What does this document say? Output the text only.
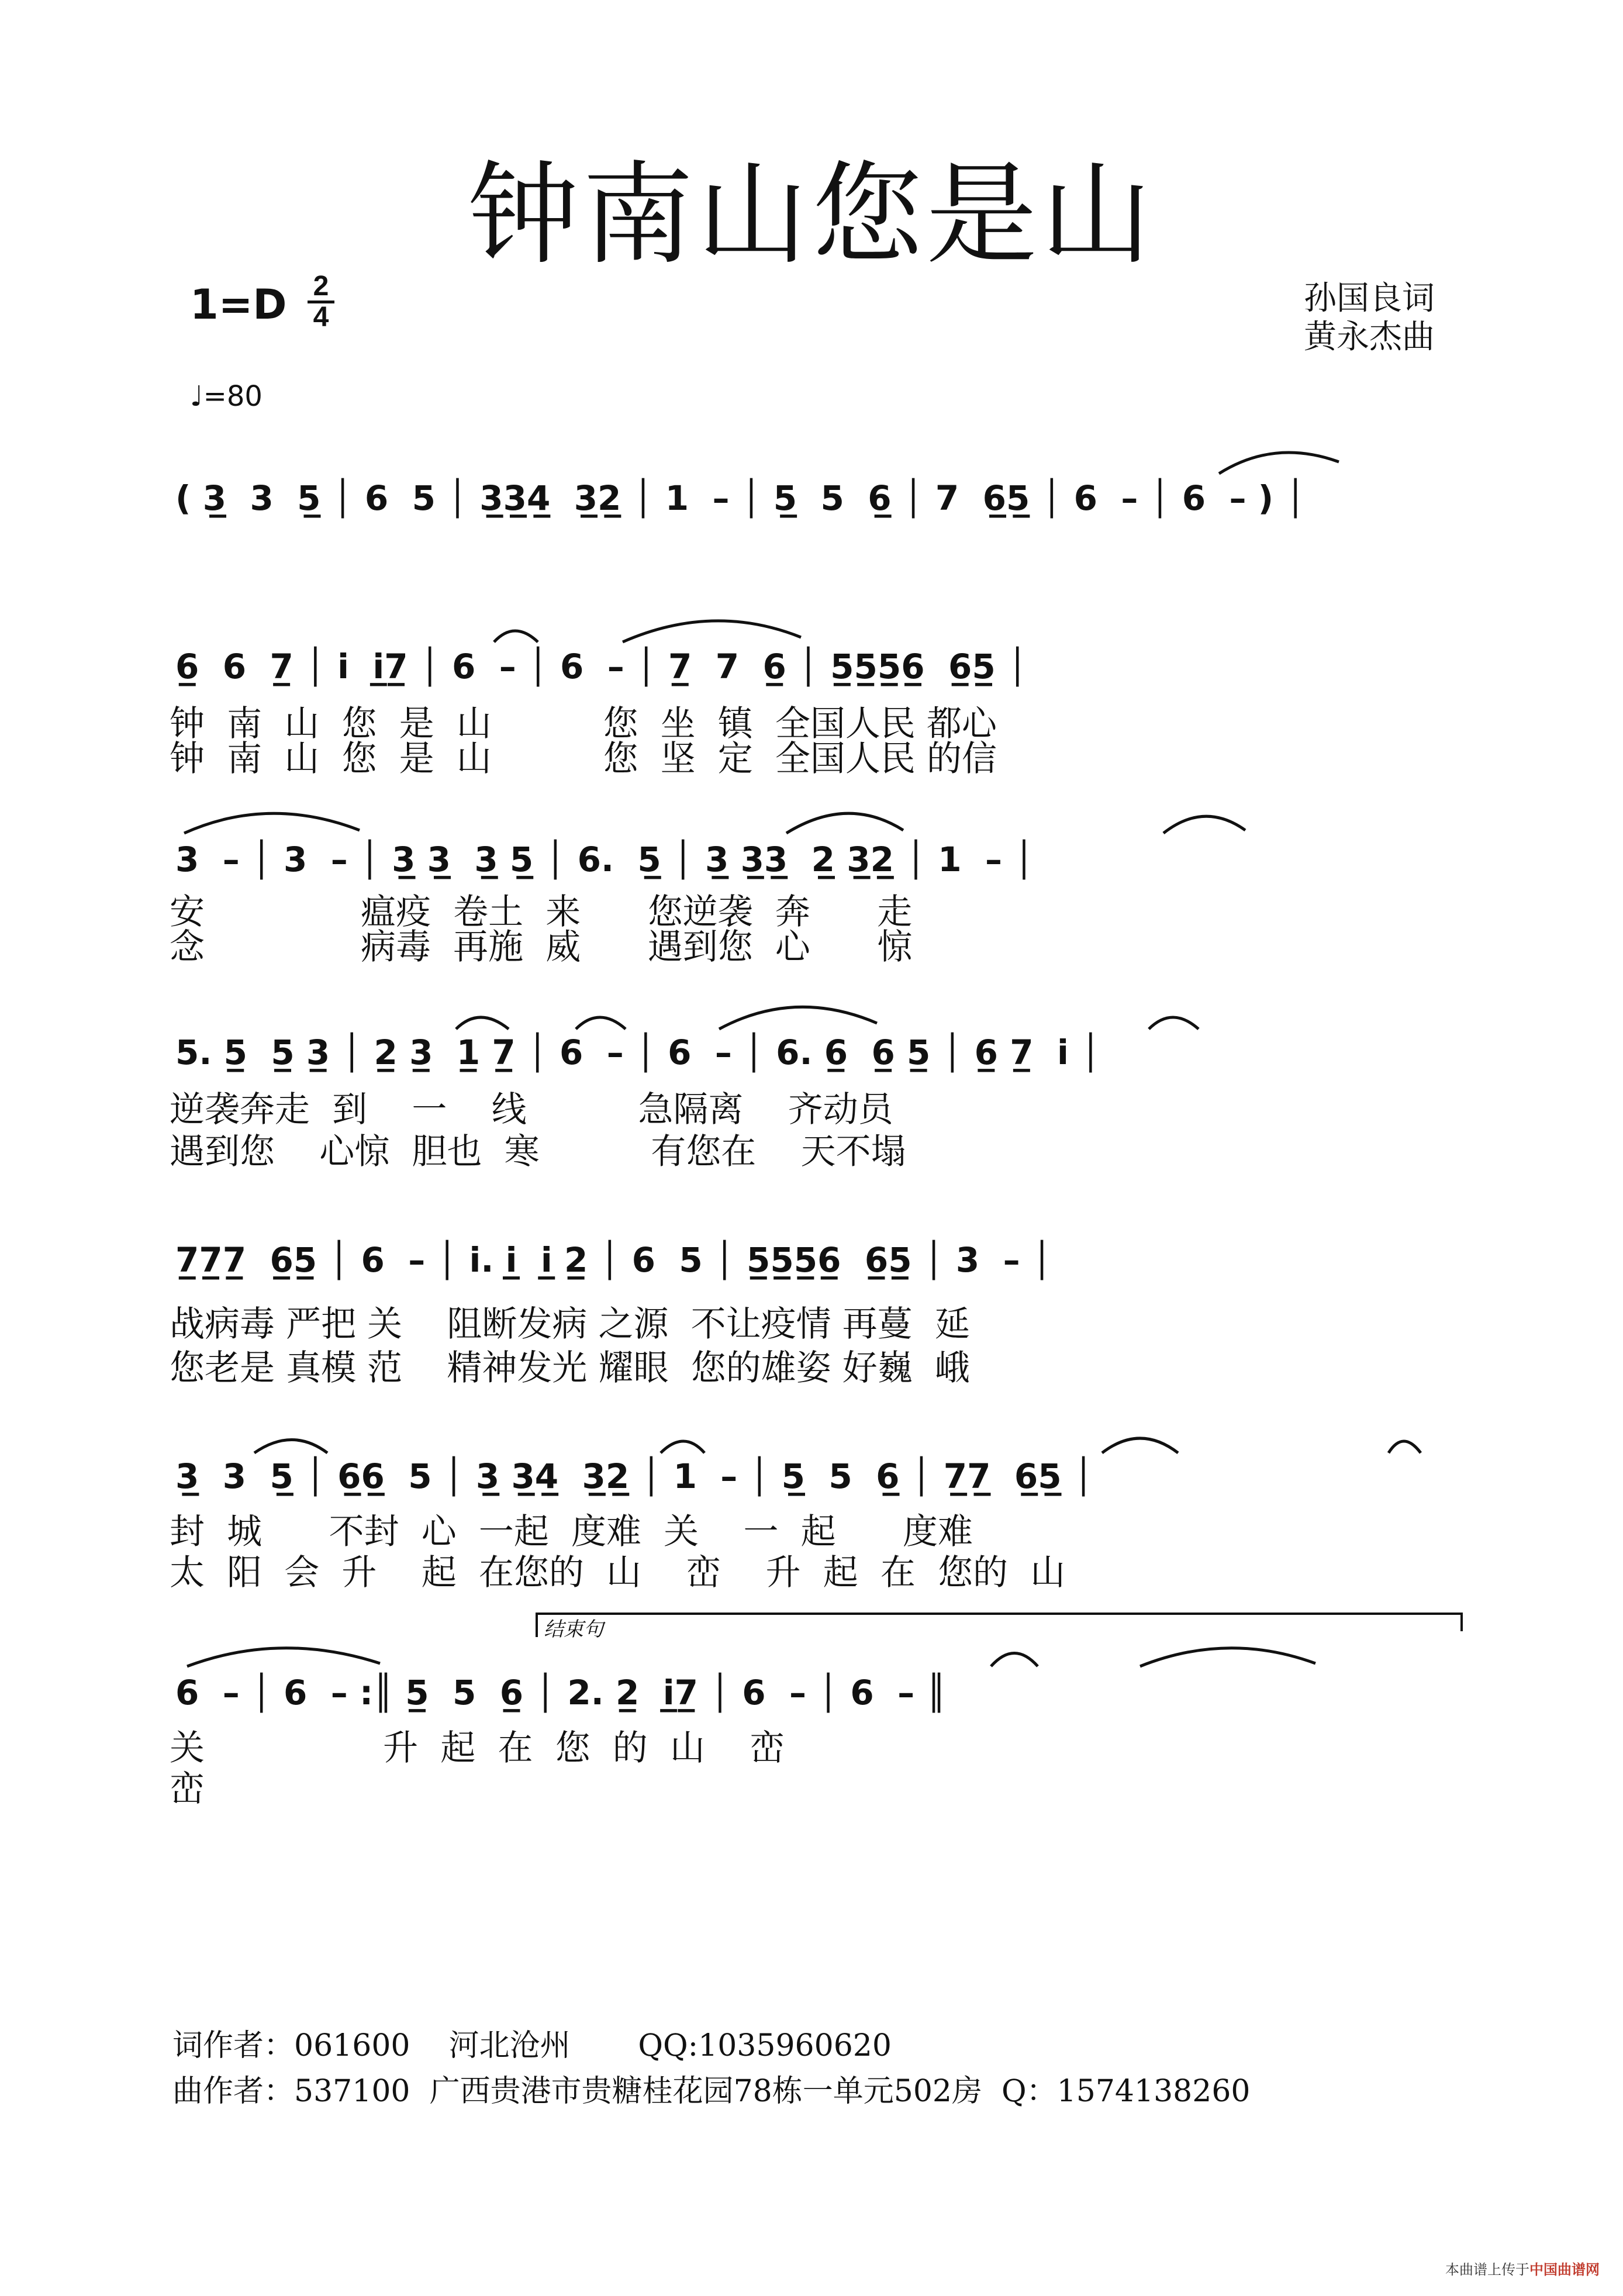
钟南山您是山
1=D 2
4
♩=80
孙国良词
黄永杰曲
( 3̲  3  5̲ │ 6  5 │ 3̲3̲4̲  3̲2̲ │ 1  – │ 5̲  5  6̲ │ 7  6̲5̲ │ 6  – │ 6  – ) │
6̲  6  7̲ │ i  i̲7̲ │ 6  – │ 6  – │ 7̲  7  6̲ │ 5̲5̲5̲6̲  6̲5̲ │
钟  南  山  您  是  山          您  坐  镇  全国人民 都心
钟  南  山  您  是  山          您  坚  定  全国人民 的信
3  – │ 3  – │ 3̲ 3̲  3̲ 5̲ │ 6.  5̲ │ 3̲ 3̲3̲  2̲ 3̲2̲ │ 1  – │
安              瘟疫  卷土  来      您逆袭  奔      走
念              病毒  再施  威      遇到您  心      惊
5. 5̲  5̲ 3̲ │ 2̲ 3̲  1̲ 7̲ │ 6  – │ 6  – │ 6. 6̲  6̲ 5̲ │ 6̲ 7̲  i │
逆袭奔走  到    一    线          急隔离    齐动员
遇到您    心惊  胆也  寒          有您在    天不塌
7̲7̲7̲  6̲5̲ │ 6  – │ i. i̲  i̲ 2̲ │ 6  5 │ 5̲5̲5̲6̲  6̲5̲ │ 3  – │
战病毒 严把 关    阻断发病 之源  不让疫情 再蔓  延
您老是 真模 范    精神发光 耀眼  您的雄姿 好巍  峨
3̲  3  5̲ │ 6̲6̲  5 │ 3̲ 3̲4̲  3̲2̲ │ 1  – │ 5̲  5  6̲ │ 7̲7̲  6̲5̲ │
封  城      不封  心  一起  度难  关    一  起      度难
太  阳  会  升    起  在您的  山    峦    升  起  在  您的  山
结束句
6  – │ 6  – :║ 5̲  5  6̲ │ 2. 2̲  i̲7̲ │ 6  – │ 6  – ║
关                升  起  在  您  的  山    峦
峦
词作者：061600    河北沧州       QQ:1035960620
曲作者：537100  广西贵港市贵糖桂花园78栋一单元502房  Q：1574138260
本曲谱上传于中国曲谱网
